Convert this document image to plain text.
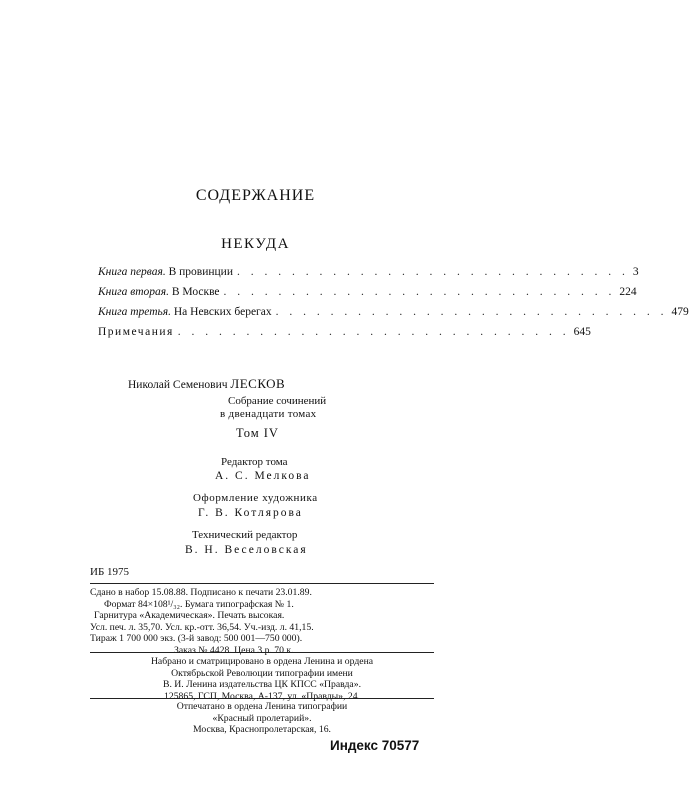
СОДЕРЖАНИЕ
НЕКУДА
Книга первая. В провинции . . . . . . . . . . . . . . . . . . . . . . . . . . . . . 3
Книга вторая. В Москве . . . . . . . . . . . . . . . . . . . . . . . . . . . . . 224
Книга третья. На Невских берегах . . . . . . . . . . . . . . . . . . . . . . . . . . . . . 479
Примечания . . . . . . . . . . . . . . . . . . . . . . . . . . . . . 645
Николай Семенович ЛЕСКОВ
Собрание сочинений
в двенадцати томах
Том IV
Редактор тома
А. С. Мелкова
Оформление художника
Г. В. Котлярова
Технический редактор
В. Н. Веселовская
ИБ 1975
Сдано в набор 15.08.88. Подписано к печати 23.01.89.
Формат 84×108¹/₃₂. Бумага типографская № 1.
Гарнитура «Академическая». Печать высокая.
Усл. печ. л. 35,70. Усл. кр.-отт. 36,54. Уч.-изд. л. 41,15.
Тираж 1 700 000 экз. (3-й завод: 500 001—750 000).
Заказ № 4428. Цена 3 р. 70 к.
Набрано и сматрицировано в ордена Ленина и ордена
Октябрьской Революции типографии имени
В. И. Ленина издательства ЦК КПСС «Правда».
125865, ГСП, Москва, А-137, ул. «Правды», 24.
Отпечатано в ордена Ленина типографии
«Красный пролетарий».
Москва, Краснопролетарская, 16.
Индекс 70577
